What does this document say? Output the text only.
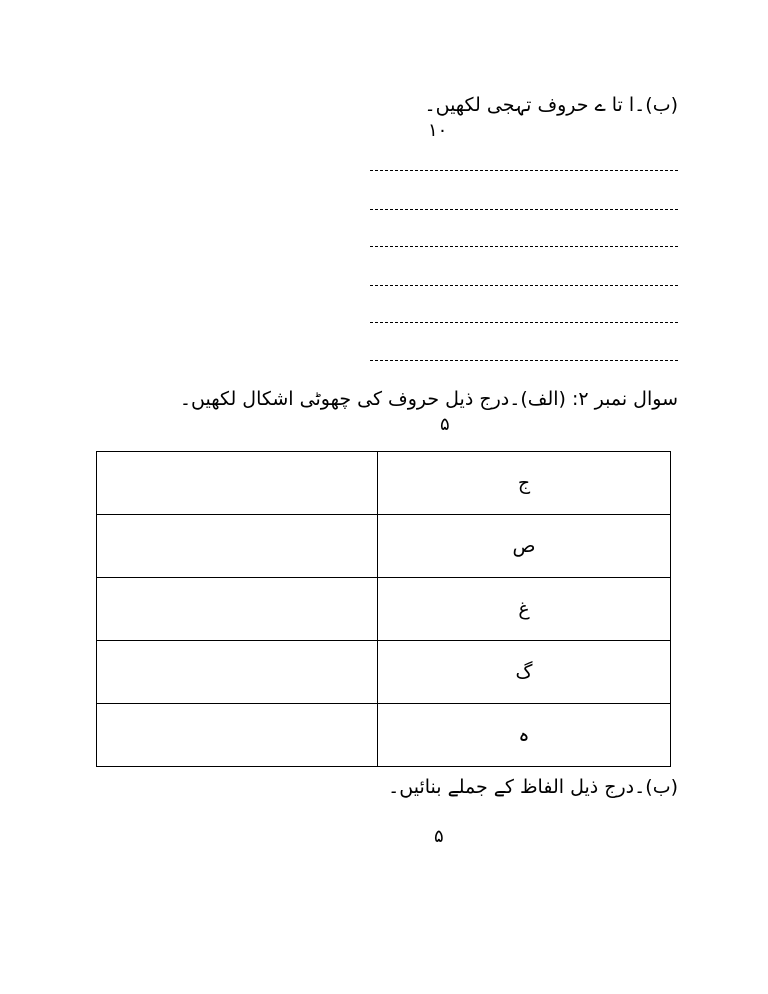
(ب)۔ا تا ے حروف تہجی لکھیں۔
۱۰
سوال نمبر ۲: (الف)۔درج ذیل حروف کی چھوٹی اشکال لکھیں۔
۵
	ج
	ص
	غ
	گ
	ہ
(ب)۔درج ذیل الفاظ کے جملے بنائیں۔
۵
